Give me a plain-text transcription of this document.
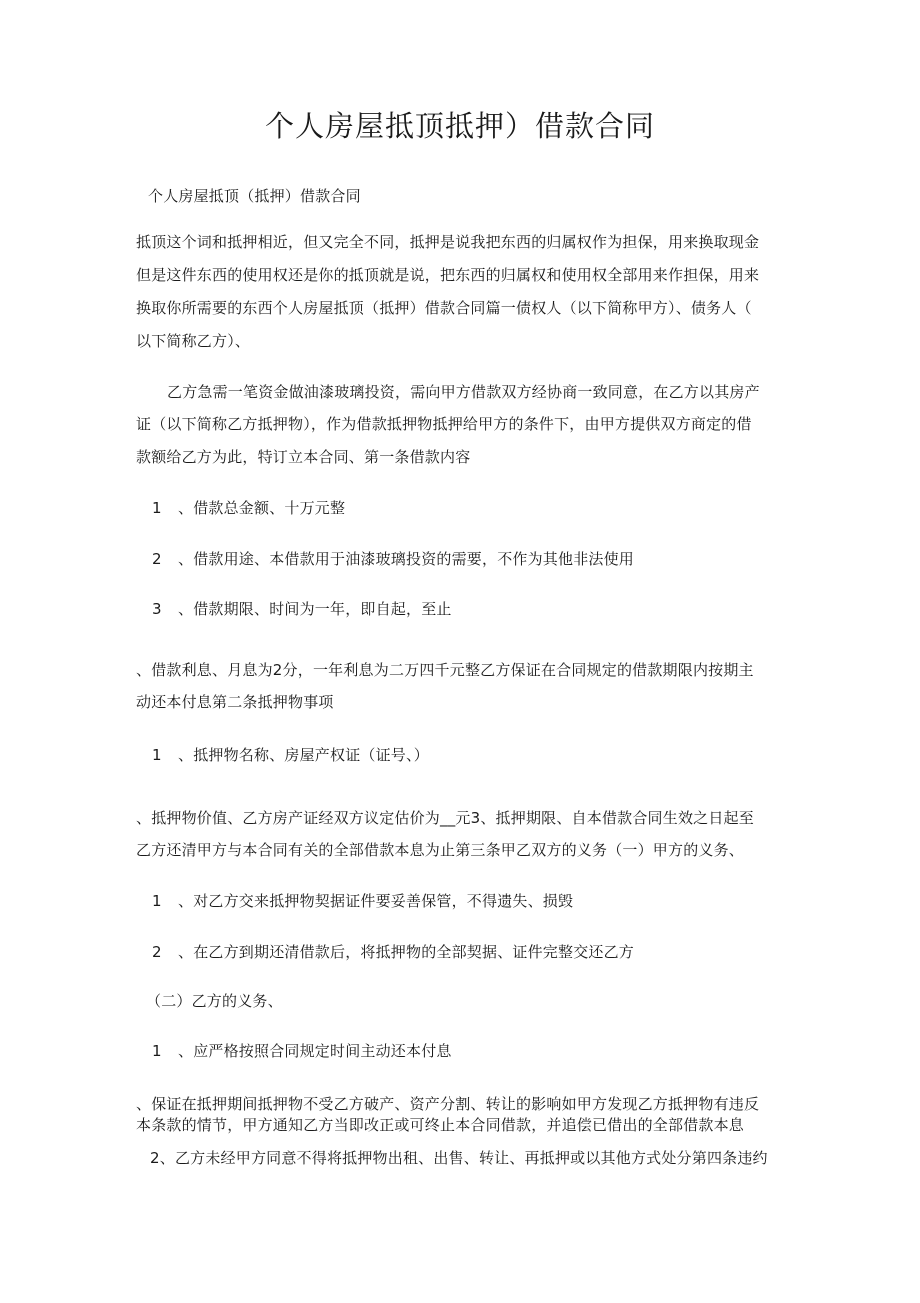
个人房屋抵顶抵押）借款合同
个人房屋抵顶（抵押）借款合同
抵顶这个词和抵押相近，但又完全不同，抵押是说我把东西的归属权作为担保，用来换取现金
但是这件东西的使用权还是你的抵顶就是说，把东西的归属权和使用权全部用来作担保，用来
换取你所需要的东西个人房屋抵顶（抵押）借款合同篇一债权人（以下简称甲方）、债务人（
以下简称乙方）、
乙方急需一笔资金做油漆玻璃投资，需向甲方借款双方经协商一致同意，在乙方以其房产
证（以下简称乙方抵押物），作为借款抵押物抵押给甲方的条件下，由甲方提供双方商定的借
款额给乙方为此，特订立本合同、第一条借款内容
1 、借款总金额、十万元整
2 、借款用途、本借款用于油漆玻璃投资的需要，不作为其他非法使用
3 、借款期限、时间为一年，即自起，至止
、借款利息、月息为2分，一年利息为二万四千元整乙方保证在合同规定的借款期限内按期主
动还本付息第二条抵押物事项
1 、抵押物名称、房屋产权证（证号、）
、抵押物价值、乙方房产证经双方议定估价为__元3、抵押期限、自本借款合同生效之日起至
乙方还清甲方与本合同有关的全部借款本息为止第三条甲乙双方的义务（一）甲方的义务、
1 、对乙方交来抵押物契据证件要妥善保管，不得遗失、损毁
2 、在乙方到期还清借款后，将抵押物的全部契据、证件完整交还乙方
（二）乙方的义务、
1 、应严格按照合同规定时间主动还本付息
、保证在抵押期间抵押物不受乙方破产、资产分割、转让的影响如甲方发现乙方抵押物有违反
本条款的情节，甲方通知乙方当即改正或可终止本合同借款，并追偿已借出的全部借款本息
2、乙方未经甲方同意不得将抵押物出租、出售、转让、再抵押或以其他方式处分第四条违约
